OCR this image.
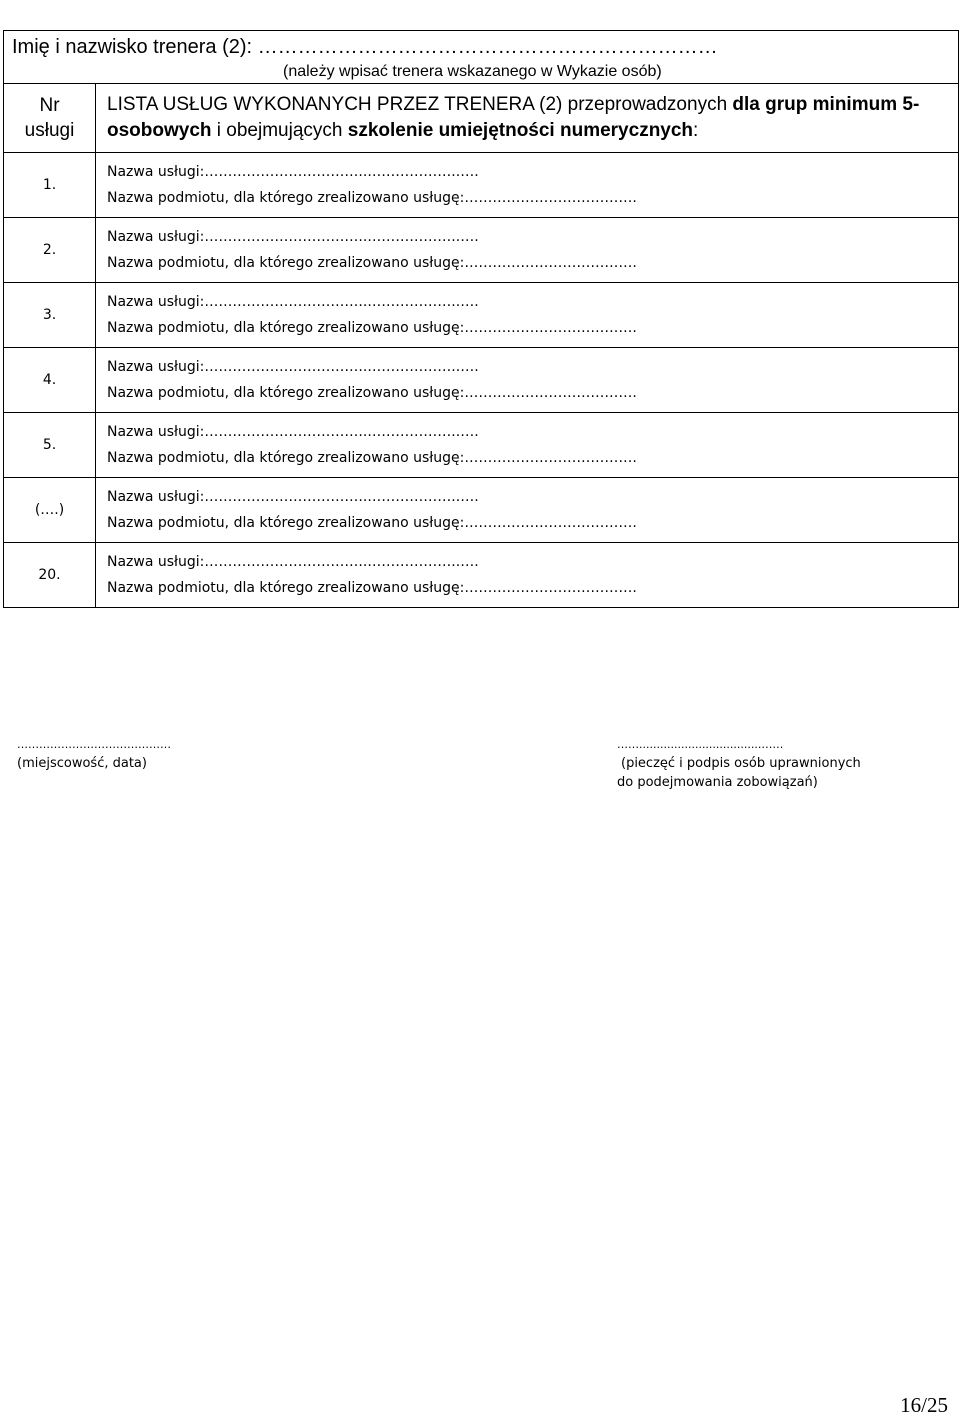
Imię i nazwisko trenera (2): ……………………………………………………………
(należy wpisać trenera wskazanego w Wykazie osób)	

Nr
usługi	LISTA USŁUG WYKONANYCH PRZEZ TRENERA (2) przeprowadzonych dla grup minimum 5-osobowych i obejmujących szkolenie umiejętności numerycznych:
1.	Nazwa usługi:……………………………..………………..….
Nazwa podmiotu, dla którego zrealizowano usługę:……………………………….

2.	Nazwa usługi:……………………………..………………..….
Nazwa podmiotu, dla którego zrealizowano usługę:……………………………….

3.	Nazwa usługi:……………………………..………………..….
Nazwa podmiotu, dla którego zrealizowano usługę:……………………………….

4.	Nazwa usługi:……………………………..………………..….
Nazwa podmiotu, dla którego zrealizowano usługę:……………………………….

5.	Nazwa usługi:……………………………..………………..….
Nazwa podmiotu, dla którego zrealizowano usługę:……………………………….

(….)	Nazwa usługi:……………………………..………………..….
Nazwa podmiotu, dla którego zrealizowano usługę:……………………………….

20.	Nazwa usługi:……………………………..………………..….
Nazwa podmiotu, dla którego zrealizowano usługę:……………………………….
……………………………………
(miejscowość, data)
……...................................……
(pieczęć i podpis osób uprawnionych
do podejmowania zobowiązań)
16/25
